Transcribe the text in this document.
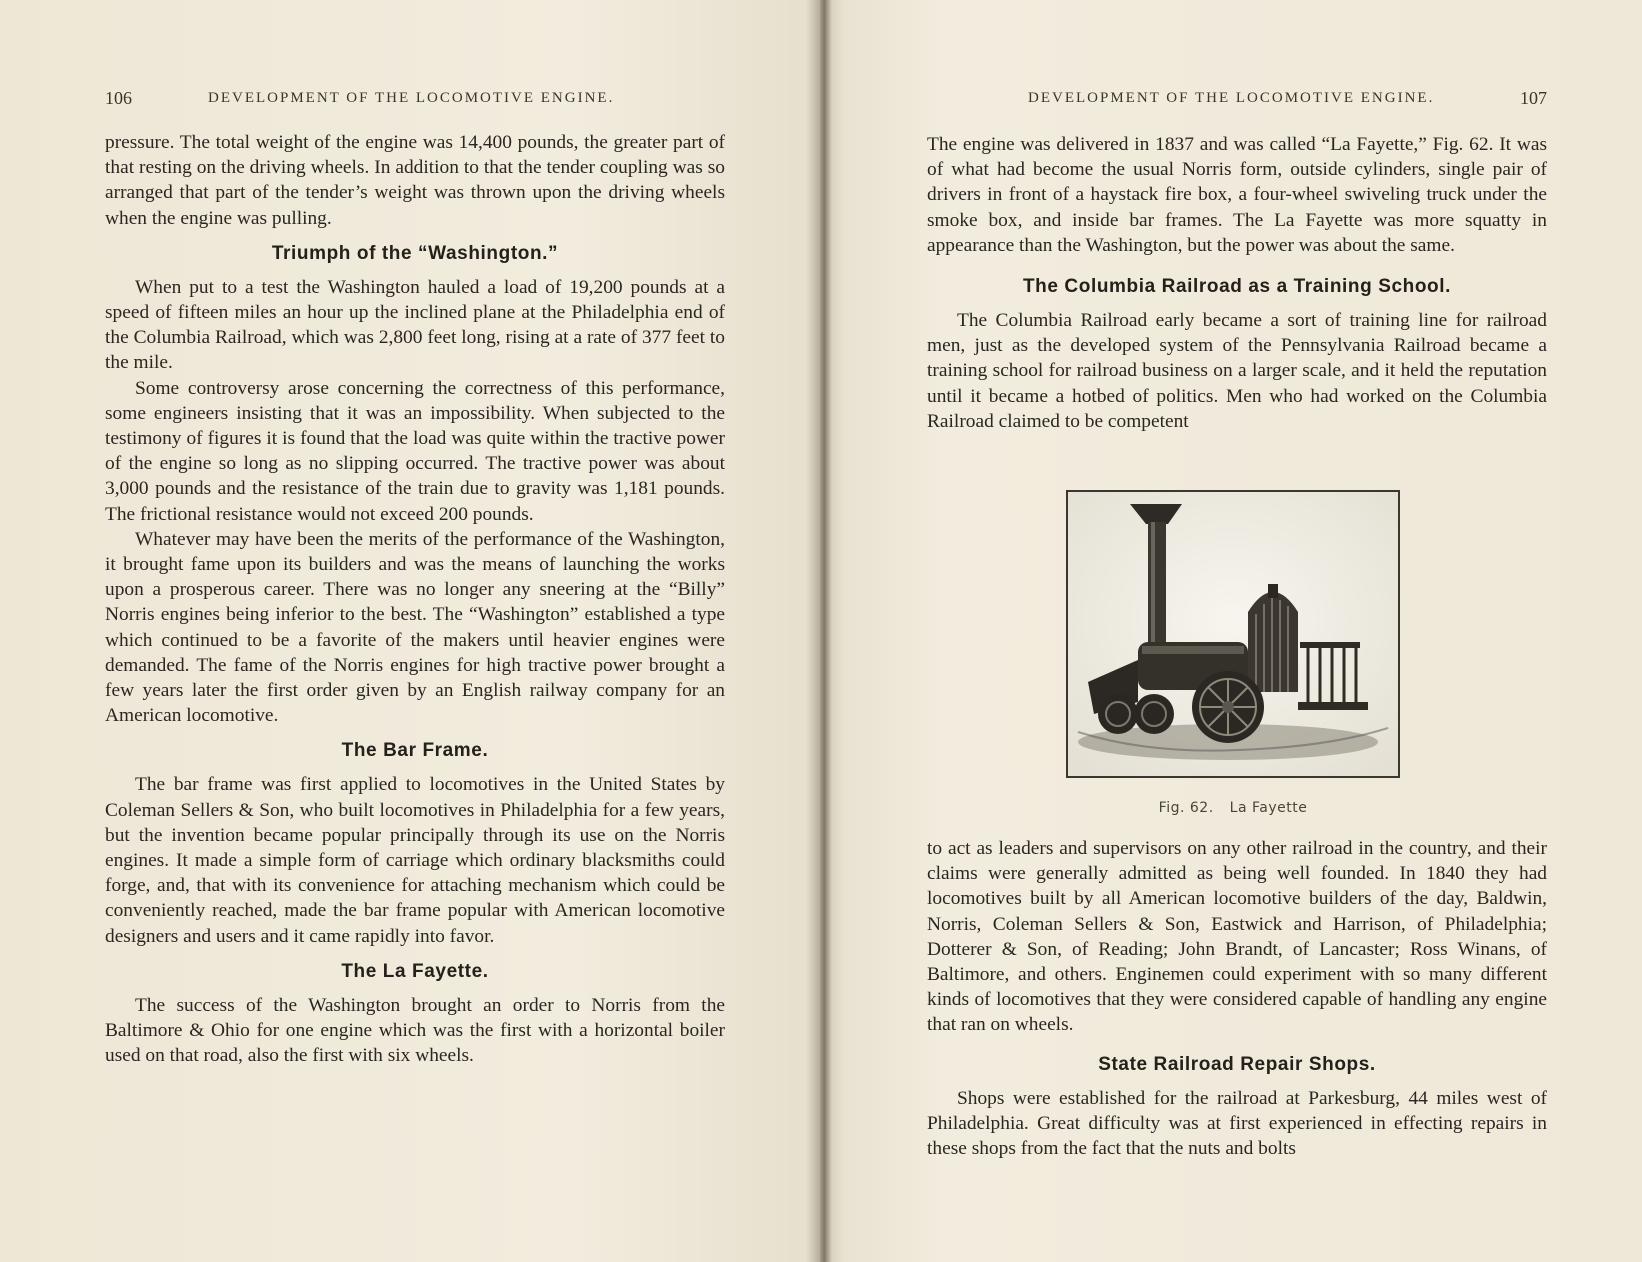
106	DEVELOPMENT OF THE LOCOMOTIVE ENGINE.

pressure. The total weight of the engine was 14,400 pounds, the greater part of that resting on the driving wheels. In addition to that the tender coupling was so arranged that part of the tender’s weight was thrown upon the driving wheels when the engine was pulling.

Triumph of the “Washington.”

When put to a test the Washington hauled a load of 19,200 pounds at a speed of fifteen miles an hour up the inclined plane at the Philadelphia end of the Columbia Railroad, which was 2,800 feet long, rising at a rate of 377 feet to the mile.

Some controversy arose concerning the correctness of this performance, some engineers insisting that it was an impossibility. When subjected to the testimony of figures it is found that the load was quite within the tractive power of the engine so long as no slipping occurred. The tractive power was about 3,000 pounds and the resistance of the train due to gravity was 1,181 pounds. The frictional resistance would not exceed 200 pounds.

Whatever may have been the merits of the performance of the Washington, it brought fame upon its builders and was the means of launching the works upon a prosperous career. There was no longer any sneering at the “Billy” Norris engines being inferior to the best. The “Washington” established a type which continued to be a favorite of the makers until heavier engines were demanded. The fame of the Norris engines for high tractive power brought a few years later the first order given by an English railway company for an American locomotive.

The Bar Frame.

The bar frame was first applied to locomotives in the United States by Coleman Sellers & Son, who built locomotives in Philadelphia for a few years, but the invention became popular principally through its use on the Norris engines. It made a simple form of carriage which ordinary blacksmiths could forge, and, that with its convenience for attaching mechanism which could be conveniently reached, made the bar frame popular with American locomotive designers and users and it came rapidly into favor.

The La Fayette.

The success of the Washington brought an order to Norris from the Baltimore & Ohio for one engine which was the first with a horizontal boiler used on that road, also the first with six wheels.

DEVELOPMENT OF THE LOCOMOTIVE ENGINE.	107

The engine was delivered in 1837 and was called “La Fayette,” Fig. 62. It was of what had become the usual Norris form, outside cylinders, single pair of drivers in front of a haystack fire box, a four-wheel swiveling truck under the smoke box, and inside bar frames. The La Fayette was more squatty in appearance than the Washington, but the power was about the same.

The Columbia Railroad as a Training School.

The Columbia Railroad early became a sort of training line for railroad men, just as the developed system of the Pennsylvania Railroad became a training school for railroad business on a larger scale, and it held the reputation until it became a hotbed of politics. Men who had worked on the Columbia Railroad claimed to be competent

Fig. 62. La Fayette

to act as leaders and supervisors on any other railroad in the country, and their claims were generally admitted as being well founded. In 1840 they had locomotives built by all American locomotive builders of the day, Baldwin, Norris, Coleman Sellers & Son, Eastwick and Harrison, of Philadelphia; Dotterer & Son, of Reading; John Brandt, of Lancaster; Ross Winans, of Baltimore, and others. Enginemen could experiment with so many different kinds of locomotives that they were considered capable of handling any engine that ran on wheels.

State Railroad Repair Shops.

Shops were established for the railroad at Parkesburg, 44 miles west of Philadelphia. Great difficulty was at first experienced in effecting repairs in these shops from the fact that the nuts and bolts
